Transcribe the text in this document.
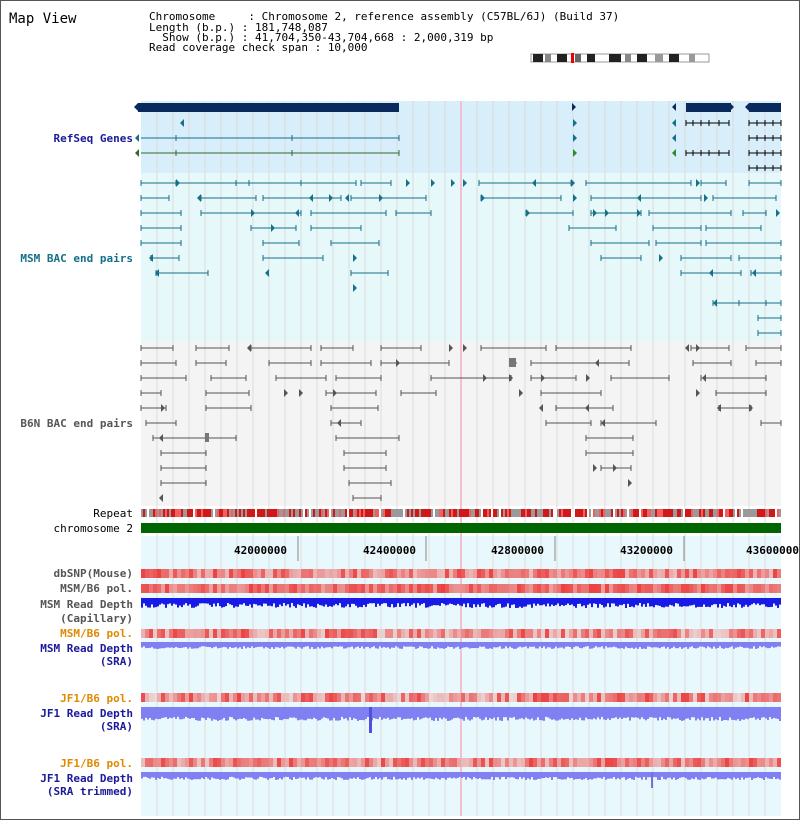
Map View	Chromosome     : Chromosome 2, reference assembly (C57BL/6J) (Build 37)
Length (b.p.) : 181,748,087
Show (b.p.) : 41,704,350-43,704,668 : 2,000,319 bp
Read coverage check span : 10,000
RefSeq Genes
MSM BAC end pairs
B6N BAC end pairs
Repeat
chromosome 2
dbSNP(Mouse)
MSM/B6 pol.
MSM Read Depth
(Capillary)
MSM/B6 pol.
MSM Read Depth
(SRA)
JF1/B6 pol.
JF1 Read Depth
(SRA)
JF1/B6 pol.
JF1 Read Depth
(SRA trimmed)
42000000	42400000	42800000	43200000	43600000
